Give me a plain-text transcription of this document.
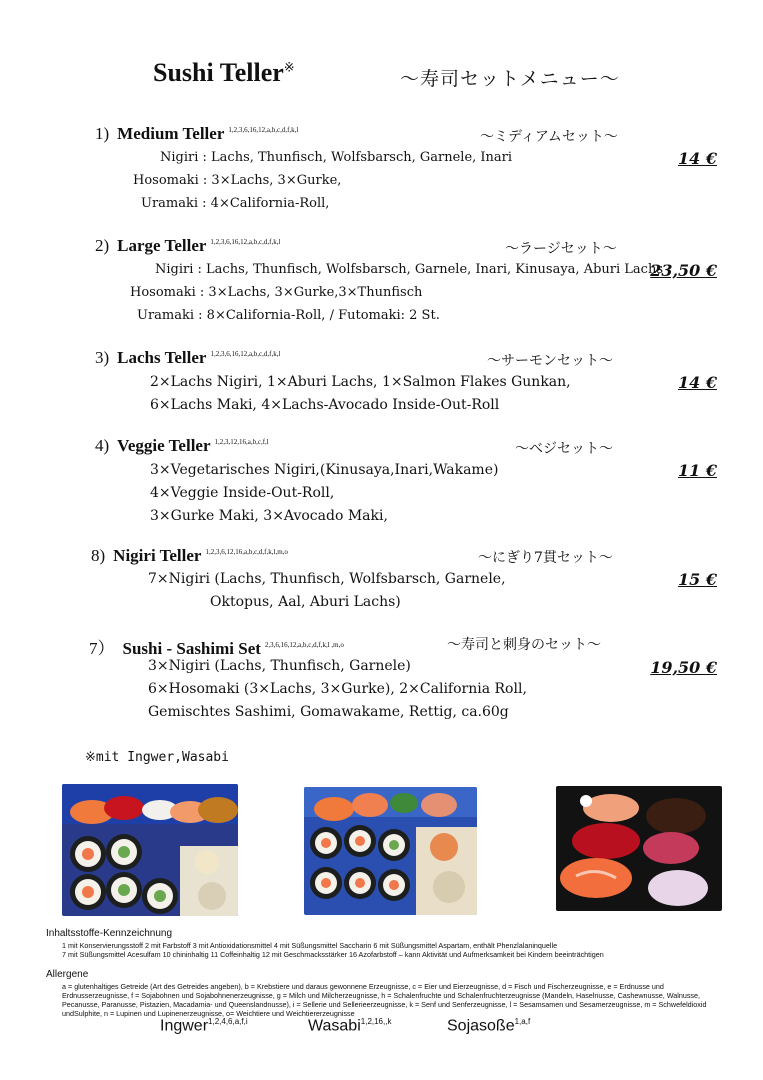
Sushi Teller※
～寿司セットメニュー～
1) Medium Teller $^{1,2,3,6,16,12,a,b,c,d,f,k,l}$	～ミディアムセット～
Nigiri : Lachs, Thunfisch, Wolfsbarsch, Garnele, Inari
Hosomaki : 3×Lachs, 3×Gurke,
Uramaki : 4×California-Roll,
14 €
2) Large Teller $^{1,2,3,6,16,12,a,b,c,d,f,k,l}$	～ラージセット～
Nigiri : Lachs, Thunfisch, Wolfsbarsch, Garnele, Inari, Kinusaya, Aburi Lachs
Hosomaki : 3×Lachs, 3×Gurke,3×Thunfisch
Uramaki : 8×California-Roll, / Futomaki: 2 St.
23,50 €
3) Lachs Teller $^{1,2,3,6,16,12,a,b,c,d,f,k,l}$	～サーモンセット～
2×Lachs Nigiri, 1×Aburi Lachs, 1×Salmon Flakes Gunkan,
6×Lachs Maki, 4×Lachs-Avocado Inside-Out-Roll
14 €
4) Veggie Teller $^{1,2,3,12,16,a,b,c,f,l}$	～ベジセット～
3×Vegetarisches Nigiri,(Kinusaya,Inari,Wakame)
4×Veggie Inside-Out-Roll,
3×Gurke Maki, 3×Avocado Maki,
11 €
8) Nigiri Teller $^{1,2,3,6,12,16,a,b,c,d,f,k,l,m,o}$	～にぎり7貫セット～
7×Nigiri (Lachs, Thunfisch, Wolfsbarsch, Garnele,
Oktopus, Aal, Aburi Lachs)
15 €
7） Sushi - Sashimi Set $^{2,3,6,16,12,a,b,c,d,f,k,l ,m,o}$	～寿司と刺身のセット～
3×Nigiri (Lachs, Thunfisch, Garnele)
6×Hosomaki (3×Lachs, 3×Gurke), 2×California Roll,
Gemischtes Sashimi, Gomawakame, Rettig, ca.60g
19,50 €
※mit Ingwer,Wasabi
Inhaltsstoffe-Kennzeichnung
1 mit Konservierungsstoff 2 mit Farbstoff 3 mit Antioxidationsmittel 4 mit Süßungsmittel Saccharin 6 mit Süßungsmittel Aspartam, enthält Phenzlalaninquelle
7 mit Süßungsmittel Acesulfam 10 chininhaltig 11 Coffeinhaltig 12 mit Geschmacksstärker 16 Azofarbstoff – kann Aktivität und Aufmerksamkeit bei Kindern beeinträchtigen
Allergene
a = glutenhaltiges Getreide (Art des Getreides angeben), b = Krebstiere und daraus gewonnene Erzeugnisse, c = Eier und Eierzeugnisse, d = Fisch und Fischerzeugnisse, e = Erdnusse und Erdnusserzeugnisse, f = Sojabohnen und Sojabohnenerzeugnisse, g = Milch und Milcherzeugnisse, h = Schalenfruchte und Schalenfruchterzeugnisse (Mandeln, Haselnusse, Cashewnusse, Walnusse, Pecanusse, Paranusse, Pistazien, Macadamia- und Queenslandnusse), i = Sellerie und Sellerieerzeugnisse, k = Senf und Senferzeugnisse, l = Sesamsamen und Sesamerzeugnisse, m = Schwefeldioxid undSulphite, n = Lupinen und Lupinenerzeugnisse, o= Weichtiere und Weichtiererzeugnisse
Ingwer$^{1,2,4,6,a,f,i}$	Wasabi$^{1,2,16,,k}$	Sojasoße$^{1,a,f}$
